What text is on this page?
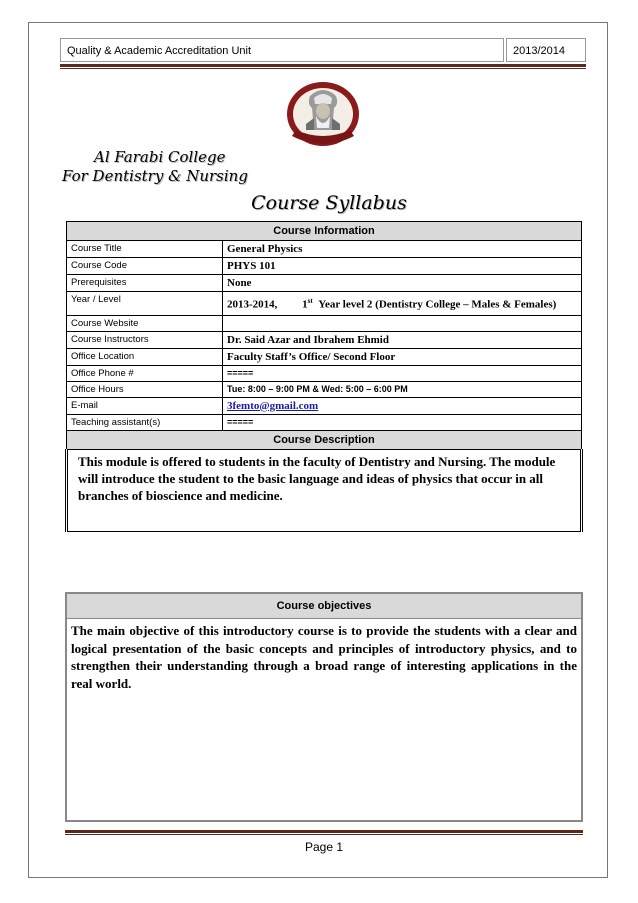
Quality & Academic Accreditation Unit	2013/2014
Al Farabi College
For Dentistry & Nursing
Course Syllabus
Course Information	
Course Title	General Physics
Course Code	PHYS 101
Prerequisites	None
Year / Level	2013-2014, 1st Year level 2 (Dentistry College – Males & Females)
Course Website	
Course Instructors	Dr. Said Azar and Ibrahem Ehmid
Office Location	Faculty Staff’s Office/ Second Floor
Office Phone #	=====
Office Hours	Tue: 8:00 – 9:00 PM & Wed: 5:00 – 6:00 PM
E-mail	3femto@gmail.com
Teaching assistant(s)	=====
Course Description	
This module is offered to students in the faculty of Dentistry and Nursing. The module will introduce the student to the basic language and ideas of physics that occur in all branches of bioscience and medicine.	
Course objectives
The main objective of this introductory course is to provide the students with a clear and logical presentation of the basic concepts and principles of introductory physics, and to strengthen their understanding through a broad range of interesting applications in the real world.
Page 1
